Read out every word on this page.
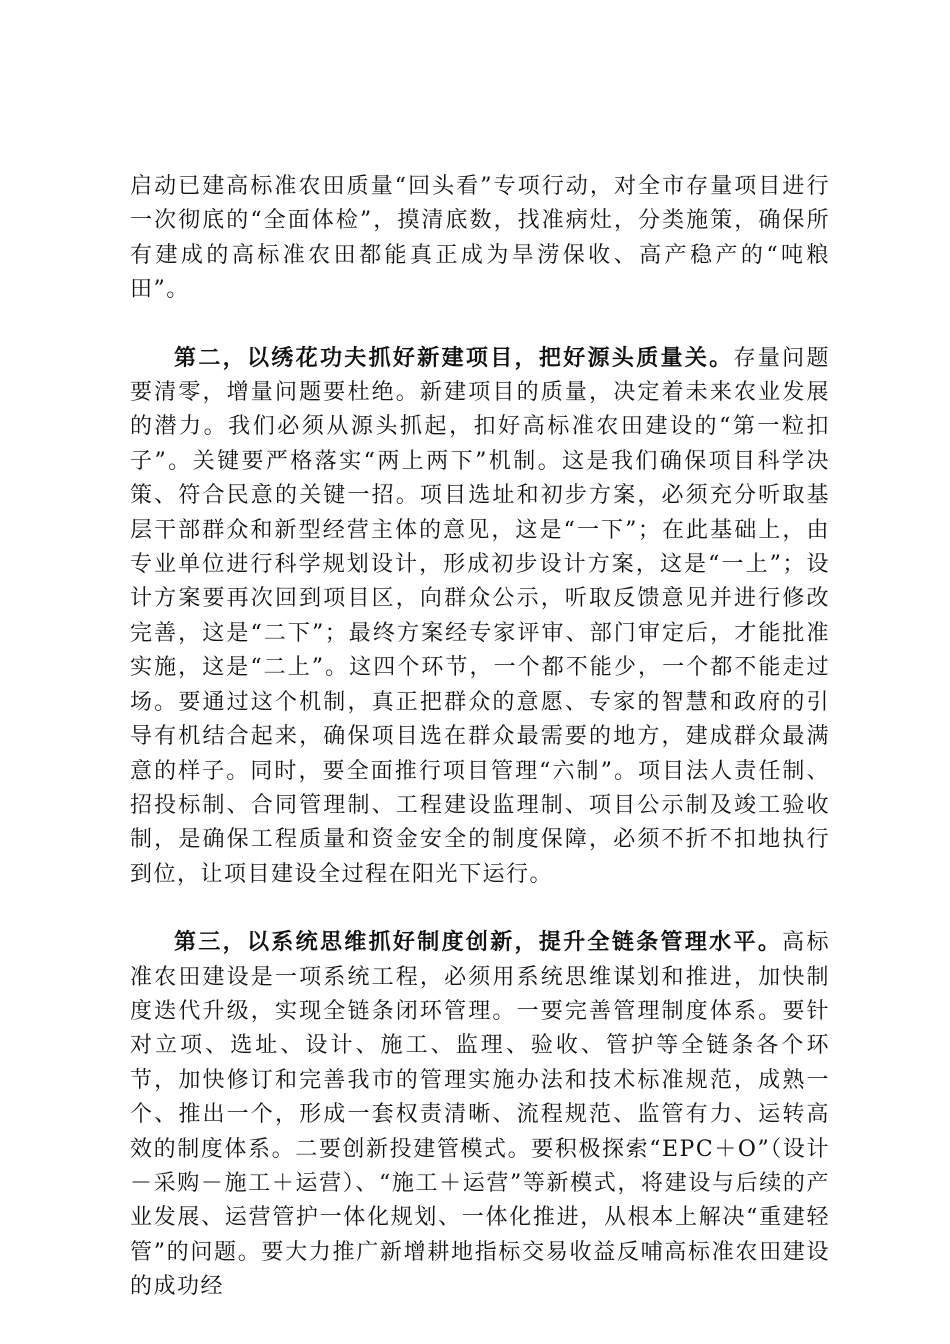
启动已建高标准农田质量“回头看”专项行动，对全市存量项目进行一次彻底的“全面体检”，摸清底数，找准病灶，分类施策，确保所有建成的高标准农田都能真正成为旱涝保收、高产稳产的“吨粮田”。

第二，以绣花功夫抓好新建项目，把好源头质量关。存量问题要清零，增量问题要杜绝。新建项目的质量，决定着未来农业发展的潜力。我们必须从源头抓起，扣好高标准农田建设的“第一粒扣子”。关键要严格落实“两上两下”机制。这是我们确保项目科学决策、符合民意的关键一招。项目选址和初步方案，必须充分听取基层干部群众和新型经营主体的意见，这是“一下”；在此基础上，由专业单位进行科学规划设计，形成初步设计方案，这是“一上”；设计方案要再次回到项目区，向群众公示，听取反馈意见并进行修改完善，这是“二下”；最终方案经专家评审、部门审定后，才能批准实施，这是“二上”。这四个环节，一个都不能少，一个都不能走过场。要通过这个机制，真正把群众的意愿、专家的智慧和政府的引导有机结合起来，确保项目选在群众最需要的地方，建成群众最满意的样子。同时，要全面推行项目管理“六制”。项目法人责任制、招投标制、合同管理制、工程建设监理制、项目公示制及竣工验收制，是确保工程质量和资金安全的制度保障，必须不折不扣地执行到位，让项目建设全过程在阳光下运行。

第三，以系统思维抓好制度创新，提升全链条管理水平。高标准农田建设是一项系统工程，必须用系统思维谋划和推进，加快制度迭代升级，实现全链条闭环管理。一要完善管理制度体系。要针对立项、选址、设计、施工、监理、验收、管护等全链条各个环节，加快修订和完善我市的管理实施办法和技术标准规范，成熟一个、推出一个，形成一套权责清晰、流程规范、监管有力、运转高效的制度体系。二要创新投建管模式。要积极探索“EPC＋O”（设计－采购－施工＋运营）、“施工＋运营”等新模式，将建设与后续的产业发展、运营管护一体化规划、一体化推进，从根本上解决“重建轻管”的问题。要大力推广新增耕地指标交易收益反哺高标准农田建设的成功经
